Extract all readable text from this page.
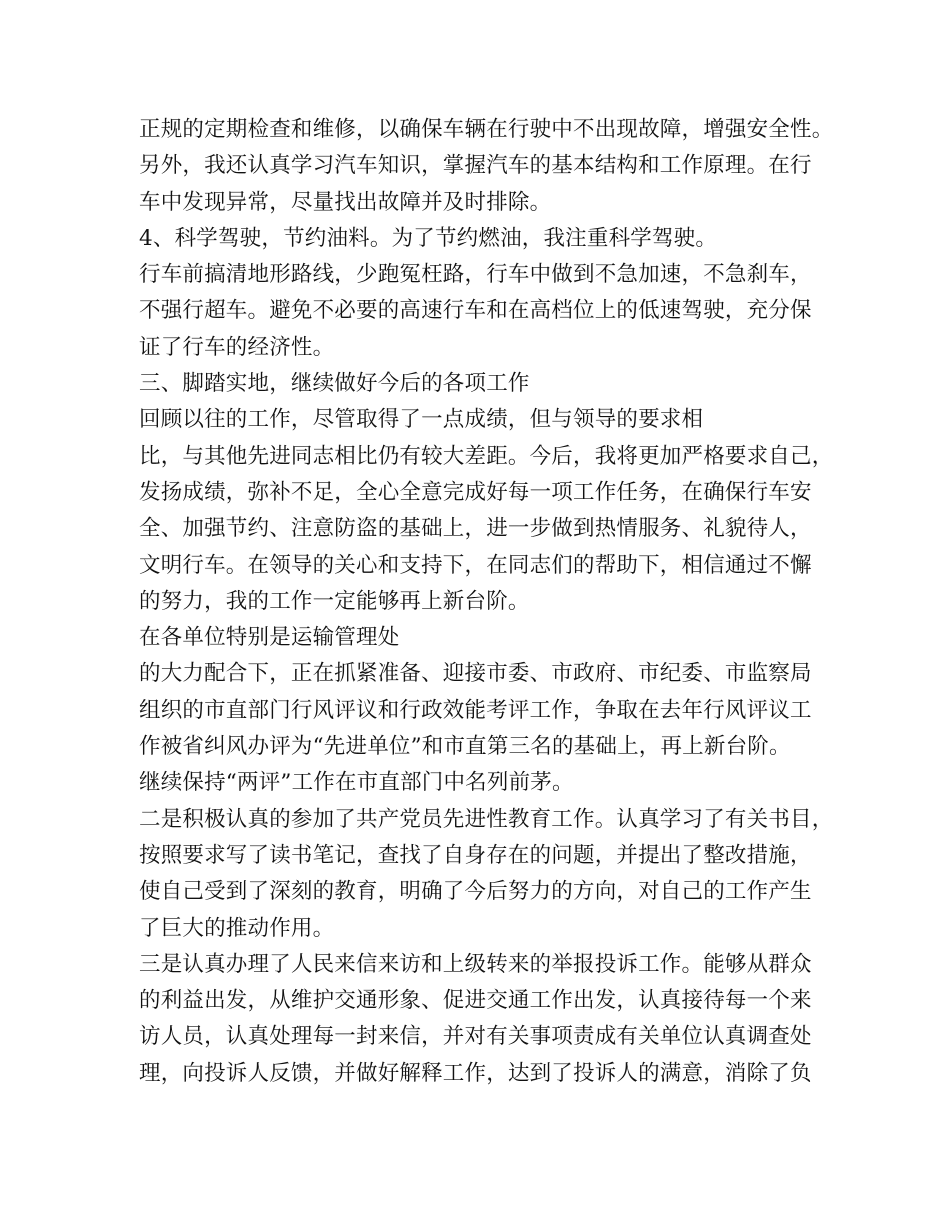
正规的定期检查和维修，以确保车辆在行驶中不出现故障，增强安全性。
另外，我还认真学习汽车知识，掌握汽车的基本结构和工作原理。在行
车中发现异常，尽量找出故障并及时排除。
4、科学驾驶，节约油料。为了节约燃油，我注重科学驾驶。
行车前搞清地形路线，少跑冤枉路，行车中做到不急加速，不急刹车，
不强行超车。避免不必要的高速行车和在高档位上的低速驾驶，充分保
证了行车的经济性。
三、脚踏实地，继续做好今后的各项工作
回顾以往的工作，尽管取得了一点成绩，但与领导的要求相
比，与其他先进同志相比仍有较大差距。今后，我将更加严格要求自己，
发扬成绩，弥补不足，全心全意完成好每一项工作任务，在确保行车安
全、加强节约、注意防盗的基础上，进一步做到热情服务、礼貌待人，
文明行车。在领导的关心和支持下，在同志们的帮助下，相信通过不懈
的努力，我的工作一定能够再上新台阶。
在各单位特别是运输管理处
的大力配合下，正在抓紧准备、迎接市委、市政府、市纪委、市监察局
组织的市直部门行风评议和行政效能考评工作，争取在去年行风评议工
作被省纠风办评为“先进单位”和市直第三名的基础上，再上新台阶。
继续保持“两评”工作在市直部门中名列前茅。
二是积极认真的参加了共产党员先进性教育工作。认真学习了有关书目，
按照要求写了读书笔记，查找了自身存在的问题，并提出了整改措施，
使自己受到了深刻的教育，明确了今后努力的方向，对自己的工作产生
了巨大的推动作用。
三是认真办理了人民来信来访和上级转来的举报投诉工作。能够从群众
的利益出发，从维护交通形象、促进交通工作出发，认真接待每一个来
访人员，认真处理每一封来信，并对有关事项责成有关单位认真调查处
理，向投诉人反馈，并做好解释工作，达到了投诉人的满意，消除了负
